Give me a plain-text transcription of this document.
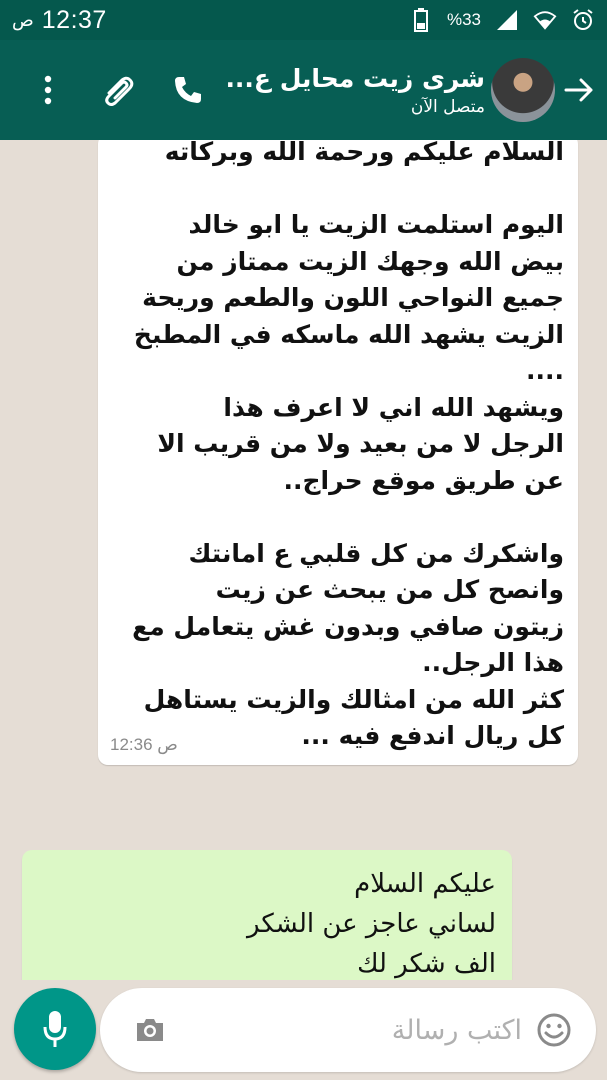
ص 12:37	%33
شرى زيت محايل ع...
متصل الآن
السلام عليكم ورحمة الله وبركاته

اليوم استلمت الزيت يا ابو خالد
بيض الله وجهك الزيت ممتاز من
جميع النواحي اللون والطعم وريحة
الزيت يشهد الله ماسكه في المطبخ
....
ويشهد الله اني لا اعرف هذا
الرجل لا من بعيد ولا من قريب الا
عن طريق موقع حراج..

واشكرك من كل قلبي ع امانتك
وانصح كل من يبحث عن زيت
زيتون صافي وبدون غش يتعامل مع
هذا الرجل..
كثر الله من امثالك والزيت يستاهل
كل ريال اندفع فيه ...
12:36 ص
عليكم السلام
لساني عاجز عن الشكر
الف شكر لك
اكتب رسالة
